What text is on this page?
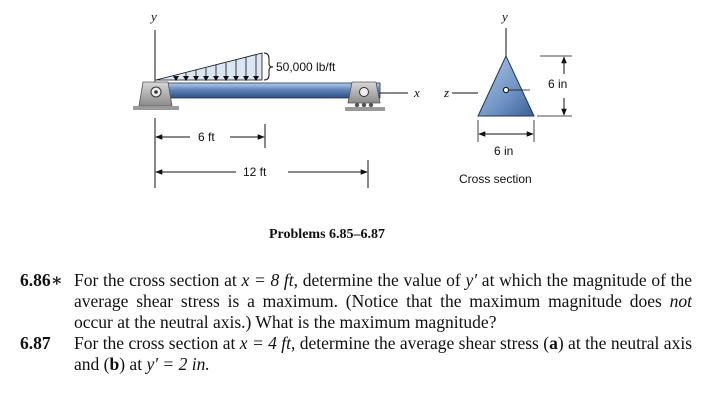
y
50,000 lb/ft
x
6 ft
12 ft
z
y
6 in
6 in
Cross section
Problems 6.85–6.87
6.86∗ For the cross section at x = 8 ft, determine the value of y′ at which the magnitude of the average shear stress is a maximum. (Notice that the maximum magnitude does not occur at the neutral axis.) What is the maximum magnitude?

6.87 For the cross section at x = 4 ft, determine the average shear stress (a) at the neutral axis and (b) at y′ = 2 in.
